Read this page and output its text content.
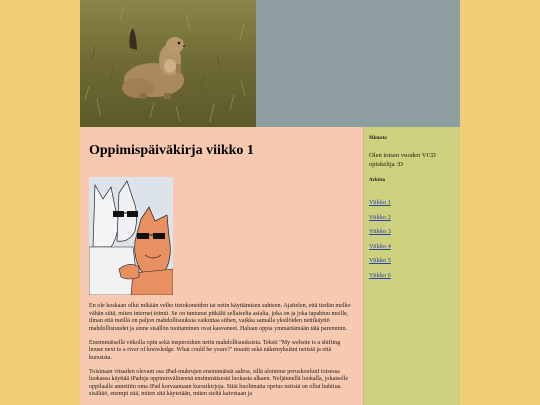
Oppimispäiväkirja viikko 1

En ole koskaan ollut mikään velho tietokoneiden tai netin käyttämisen suhteen. Ajattelen, että tiedän melko vähän siitä, miten internet toimii. Se on tuntunut pitkälti sellaiselta asialta, joka on ja joka tapahtuu meille, ilman että meillä on paljon mahdollisuuksia vaikuttaa siihen, vaikka samalla yksilöiden nettikäyttö mahdollistuudet ja sinne sisällön tuottaminen ovat kasvaneet. Haluan oppia ymmärtämään tätä paremmin.

Ensimmäisellä viikolla opin sekä inspiroiduin netin mahdollisuuksista. Teksti "My website is a shifting house next to a river of knowledge. What could be yours?" muutti sekä näkemyksiäni netistä ja että kurssista.

Toisinaan vitsailen olevani osa iPad-mukrujen ensimmäistä aaltoa, sillä aloimme peruskoulunI toisessa luokassa käyttää iPadeja oppimisvälineenä ensimmäisestä luokasta alkaen. Neljännellä luokalla, jokaiselle oppilaalle annettiin oma iPad korvaamaan kurssikirjoja. Siitä huolimatta opetus netistä on ollut huhtiua. sisältäö, enempi sitä, miten sitä käytetään, miten sieltä kaivetaan ja

Minusta
Olen toisen vuoden VCD opiskelija :D
Arkisto
Viikko 1
Viikko 2
Viikko 3
Viikko 4
Viikko 5
Viikko 6
